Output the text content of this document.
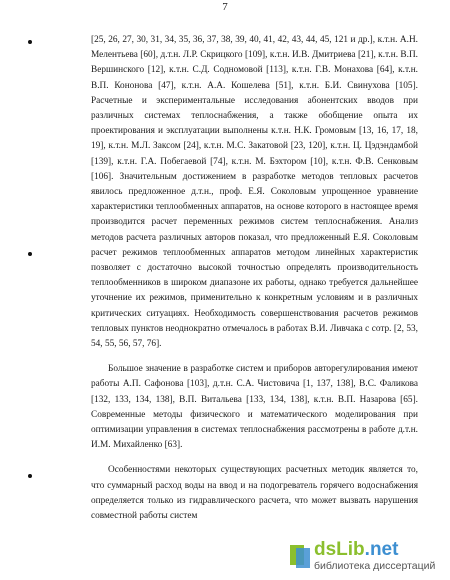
7

[25, 26, 27, 30, 31, 34, 35, 36, 37, 38, 39, 40, 41, 42, 43, 44, 45, 121 и др.], к.т.н. А.Н. Мелентьева [60], д.т.н. Л.Р. Скрицкого [109], к.т.н. И.В. Дмитриева [21], к.т.н. В.П. Вершинского [12], к.т.н. С.Д. Содномовой [113], к.т.н. Г.В. Монахова [64], к.т.н. В.П. Кононова [47], к.т.н. А.А. Кошелева [51], к.т.н. Б.И. Свинухова [105]. Расчетные и экспериментальные исследования абонентских вводов при различных системах теплоснабжения, а также обобщение опыта их проектирования и эксплуатации выполнены к.т.н. Н.К. Громовым [13, 16, 17, 18, 19], к.т.н. М.Л. Заксом [24], к.т.н. М.С. Закатовой [23, 120], к.т.н. Ц. Цэдэндамбой [139], к.т.н. Г.А. Побегаевой [74], к.т.н. М. Бэхтором [10], к.т.н. Ф.В. Сенковым [106]. Значительным достижением в разработке методов тепловых расчетов явилось предложенное д.т.н., проф. Е.Я. Соколовым упрощенное уравнение характеристики теплообменных аппаратов, на основе которого в настоящее время производится расчет переменных режимов систем теплоснабжения. Анализ методов расчета различных авторов показал, что предложенный Е.Я. Соколовым расчет режимов теплообменных аппаратов методом линейных характеристик позволяет с достаточно высокой точностью определять производительность теплообменников в широком диапазоне их работы, однако требуется дальнейшее уточнение их режимов, применительно к конкретным условиям и в различных критических ситуациях. Необходимость совершенствования расчетов режимов тепловых пунктов неоднократно отмечалось в работах В.И. Ливчака с сотр. [2, 53, 54, 55, 56, 57, 76].

Большое значение в разработке систем и приборов авторегулирования имеют работы А.П. Сафонова [103], д.т.н. С.А. Чистовича [1, 137, 138], В.С. Фаликова [132, 133, 134, 138], В.П. Витальева [133, 134, 138], к.т.н. В.П. Назарова [65]. Современные методы физического и математического моделирования при оптимизации управления в системах теплоснабжения рассмотрены в работе д.т.н. И.М. Михайленко [63].

Особенностями некоторых существующих расчетных методик является то, что суммарный расход воды на ввод и на подогреватель горячего водоснабжения определяется только из гидравлического расчета, что может вызвать нарушения совместной работы систем

dsLib.net
библиотека диссертаций
